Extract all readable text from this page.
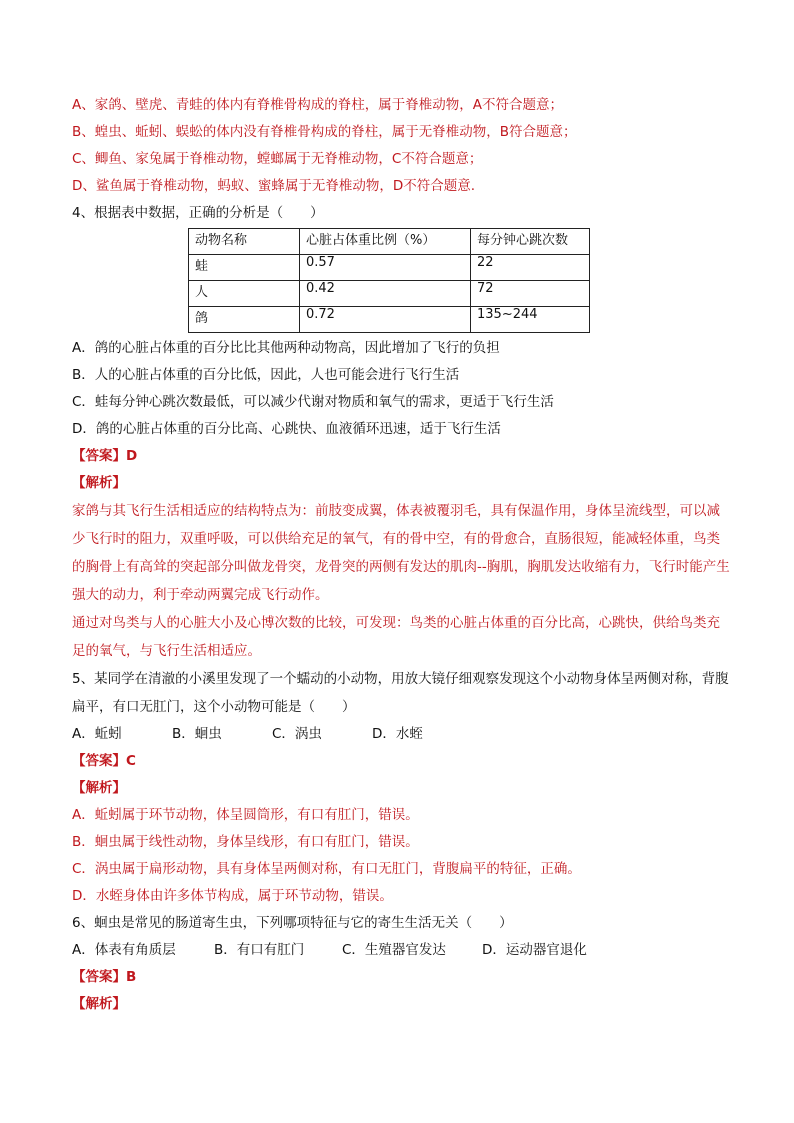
A、家鸽、壁虎、青蛙的体内有脊椎骨构成的脊柱，属于脊椎动物，A不符合题意；
B、蝗虫、蚯蚓、蜈蚣的体内没有脊椎骨构成的脊柱，属于无脊椎动物，B符合题意；
C、鲫鱼、家兔属于脊椎动物，螳螂属于无脊椎动物，C不符合题意；
D、鲨鱼属于脊椎动物，蚂蚁、蜜蜂属于无脊椎动物，D不符合题意.
4、根据表中数据，正确的分析是（　　）
动物名称	心脏占体重比例（%）	每分钟心跳次数
蛙	0.57	22
人	0.42	72
鸽	0.72	135~244
A．鸽的心脏占体重的百分比比其他两种动物高，因此增加了飞行的负担
B．人的心脏占体重的百分比低，因此，人也可能会进行飞行生活
C．蛙每分钟心跳次数最低，可以减少代谢对物质和氧气的需求，更适于飞行生活
D．鸽的心脏占体重的百分比高、心跳快、血液循环迅速，适于飞行生活
【答案】D
【解析】
家鸽与其飞行生活相适应的结构特点为：前肢变成翼，体表被覆羽毛，具有保温作用，身体呈流线型，可以减少飞行时的阻力，双重呼吸，可以供给充足的氧气，有的骨中空，有的骨愈合，直肠很短，能减轻体重，鸟类的胸骨上有高耸的突起部分叫做龙骨突，龙骨突的两侧有发达的肌肉--胸肌，胸肌发达收缩有力，飞行时能产生强大的动力，利于牵动两翼完成飞行动作。
通过对鸟类与人的心脏大小及心博次数的比较，可发现：鸟类的心脏占体重的百分比高，心跳快，供给鸟类充足的氧气，与飞行生活相适应。
5、某同学在清澈的小溪里发现了一个蠕动的小动物，用放大镜仔细观察发现这个小动物身体呈两侧对称，背腹扁平，有口无肛门，这个小动物可能是（　　）
A．蚯蚓	B．蛔虫	C．涡虫	D．水蛭
【答案】C
【解析】
A．蚯蚓属于环节动物，体呈圆筒形，有口有肛门，错误。
B．蛔虫属于线性动物，身体呈线形，有口有肛门，错误。
C．涡虫属于扁形动物，具有身体呈两侧对称，有口无肛门，背腹扁平的特征，正确。
D．水蛭身体由许多体节构成，属于环节动物，错误。
6、蛔虫是常见的肠道寄生虫，下列哪项特征与它的寄生生活无关（　　）
A．体表有角质层	B．有口有肛门	C．生殖器官发达	D．运动器官退化
【答案】B
【解析】
